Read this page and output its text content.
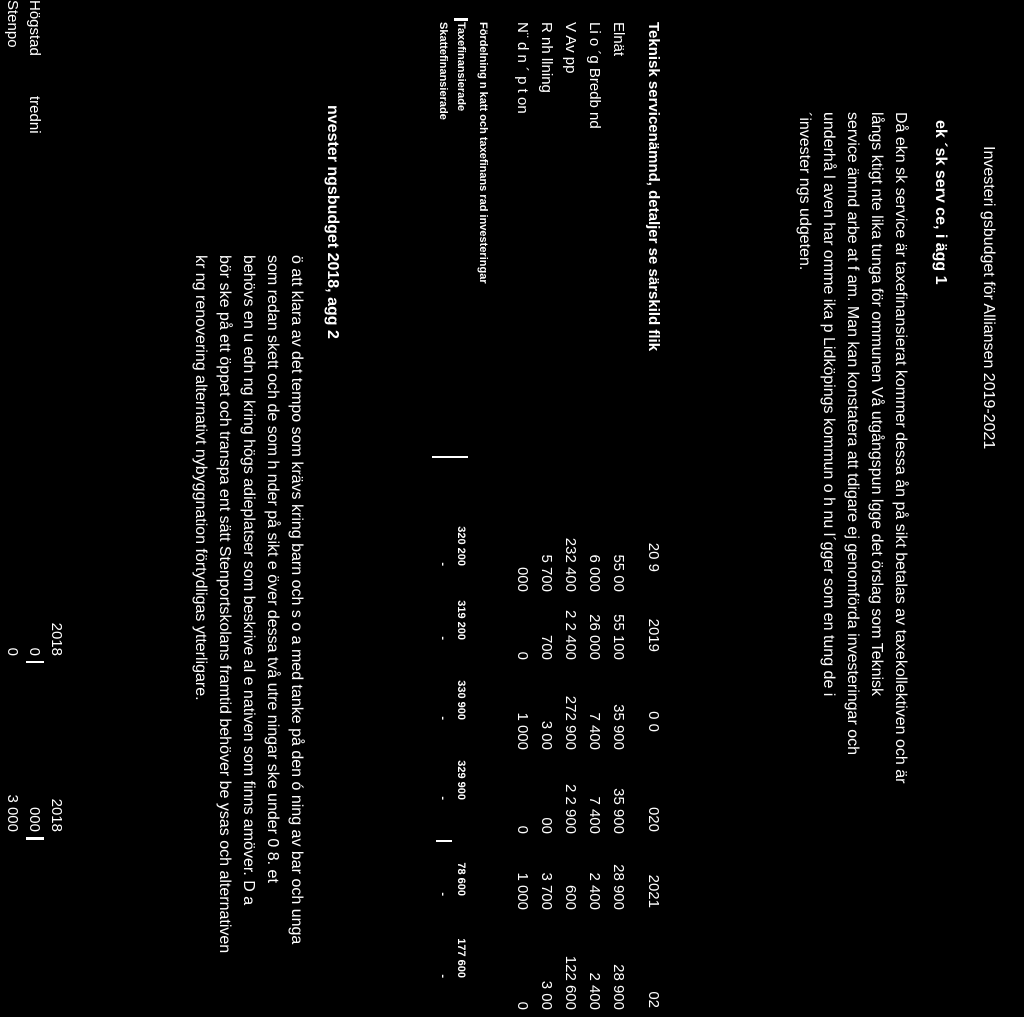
Investeri gsbudget för Alliansen 2019-2021
ek ´sk serv ce, i ägg 1
Då ekn sk service är taxefinansierat kommer dessa ån på sikt betalas av taxekollektiven och är
långs ktigt nte lika tunga för ommunen Vå utgångspun lgge det örslag som Teknisk
service ämnd arbe at f am. Man kan konstatera att tdigare ej genomförda investeringar och
underhå l aven har omme ika p Lidköpings kommun o h nu l´gger som en tung de i
´invester ngs udgeten.
Teknisk servicenämnd, detaljer se särskild flik
20 9
2019
0 0
020
2021
02
Elnät
55 00
55 100
35 900
35 900
28 900
28 900
Li o ´g Bredb nd
6 000
26 000
7 400
7 400
2 400
2 400
V Av pp
232 400
2 2 400
272 900
2 2 900
600
122 600
R nh llning
5 700
700
3 00
00
3 700
3 00
N¨ d n ´ p t on
000
0
1 000
0
1 000
0
Fördelning n katt och taxefinans rad investeringar
Taxefinansierade
320 200
319 200
330 900
329 900
78 600
177 600
Skattefinansierade
-
-
-
-
-
-
nvester ngsbudget 2018, agg 2
ö att klara av det tempo som krävs kring barn och s o a med tanke på den ó ning av bar och unga
som redan skett och de som h nder på sikt e över dessa två utre ningar ske under 0 8. et
behövs en u edn ng kring högs adieplatser som beskrive al e nativen som finns amöver. D a
bör ske på ett öppet och transpa ent sätt Stenportskolans framtid behöver be ysas och alternativen
kr ng renovering alternativt nybyggnation förtydligas ytterligare.
2018
2018
Högstad
tredni
0
000
Stenpo
0
3 000
